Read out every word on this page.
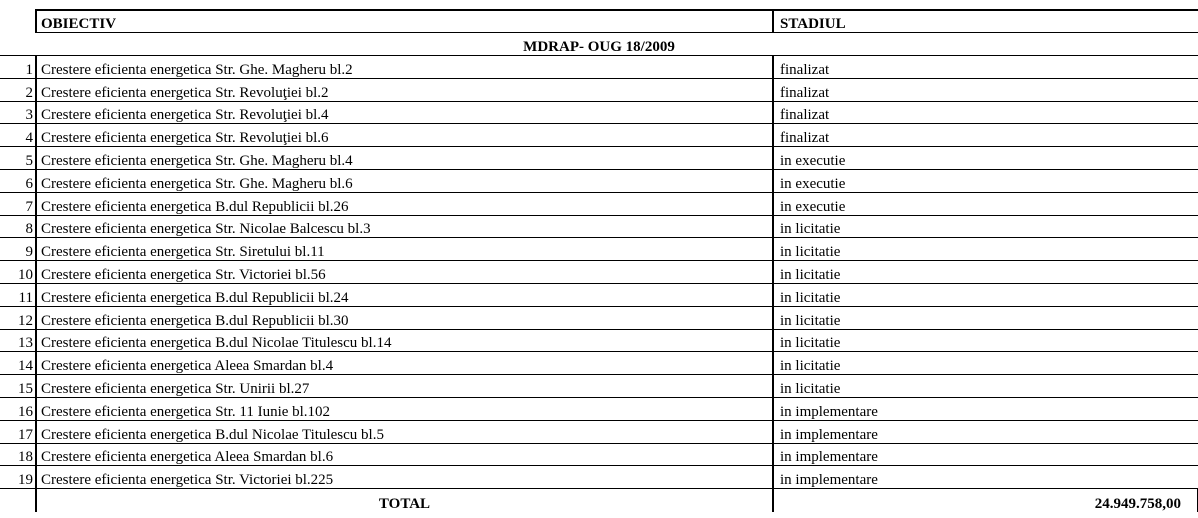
	OBIECTIV	STADIUL
MDRAP- OUG 18/2009		
1	Crestere eficienta energetica Str. Ghe. Magheru bl.2	finalizat
2	Crestere eficienta energetica Str. Revoluţiei bl.2	finalizat
3	Crestere eficienta energetica Str. Revoluţiei bl.4	finalizat
4	Crestere eficienta energetica Str. Revoluţiei bl.6	finalizat
5	Crestere eficienta energetica Str. Ghe. Magheru bl.4	in executie
6	Crestere eficienta energetica Str. Ghe. Magheru bl.6	in executie
7	Crestere eficienta energetica B.dul Republicii bl.26	in executie
8	Crestere eficienta energetica Str. Nicolae Balcescu bl.3	in licitatie
9	Crestere eficienta energetica Str. Siretului bl.11	in licitatie
10	Crestere eficienta energetica Str. Victoriei bl.56	in licitatie
11	Crestere eficienta energetica B.dul Republicii bl.24	in licitatie
12	Crestere eficienta energetica B.dul Republicii bl.30	in licitatie
13	Crestere eficienta energetica B.dul Nicolae Titulescu bl.14	in licitatie
14	Crestere eficienta energetica Aleea Smardan bl.4	in licitatie
15	Crestere eficienta energetica Str. Unirii bl.27	in licitatie
16	Crestere eficienta energetica Str. 11 Iunie bl.102	in implementare
17	Crestere eficienta energetica B.dul Nicolae Titulescu bl.5	in implementare
18	Crestere eficienta energetica Aleea Smardan bl.6	in implementare
19	Crestere eficienta energetica Str. Victoriei bl.225	in implementare
	TOTAL	24.949.758,00
